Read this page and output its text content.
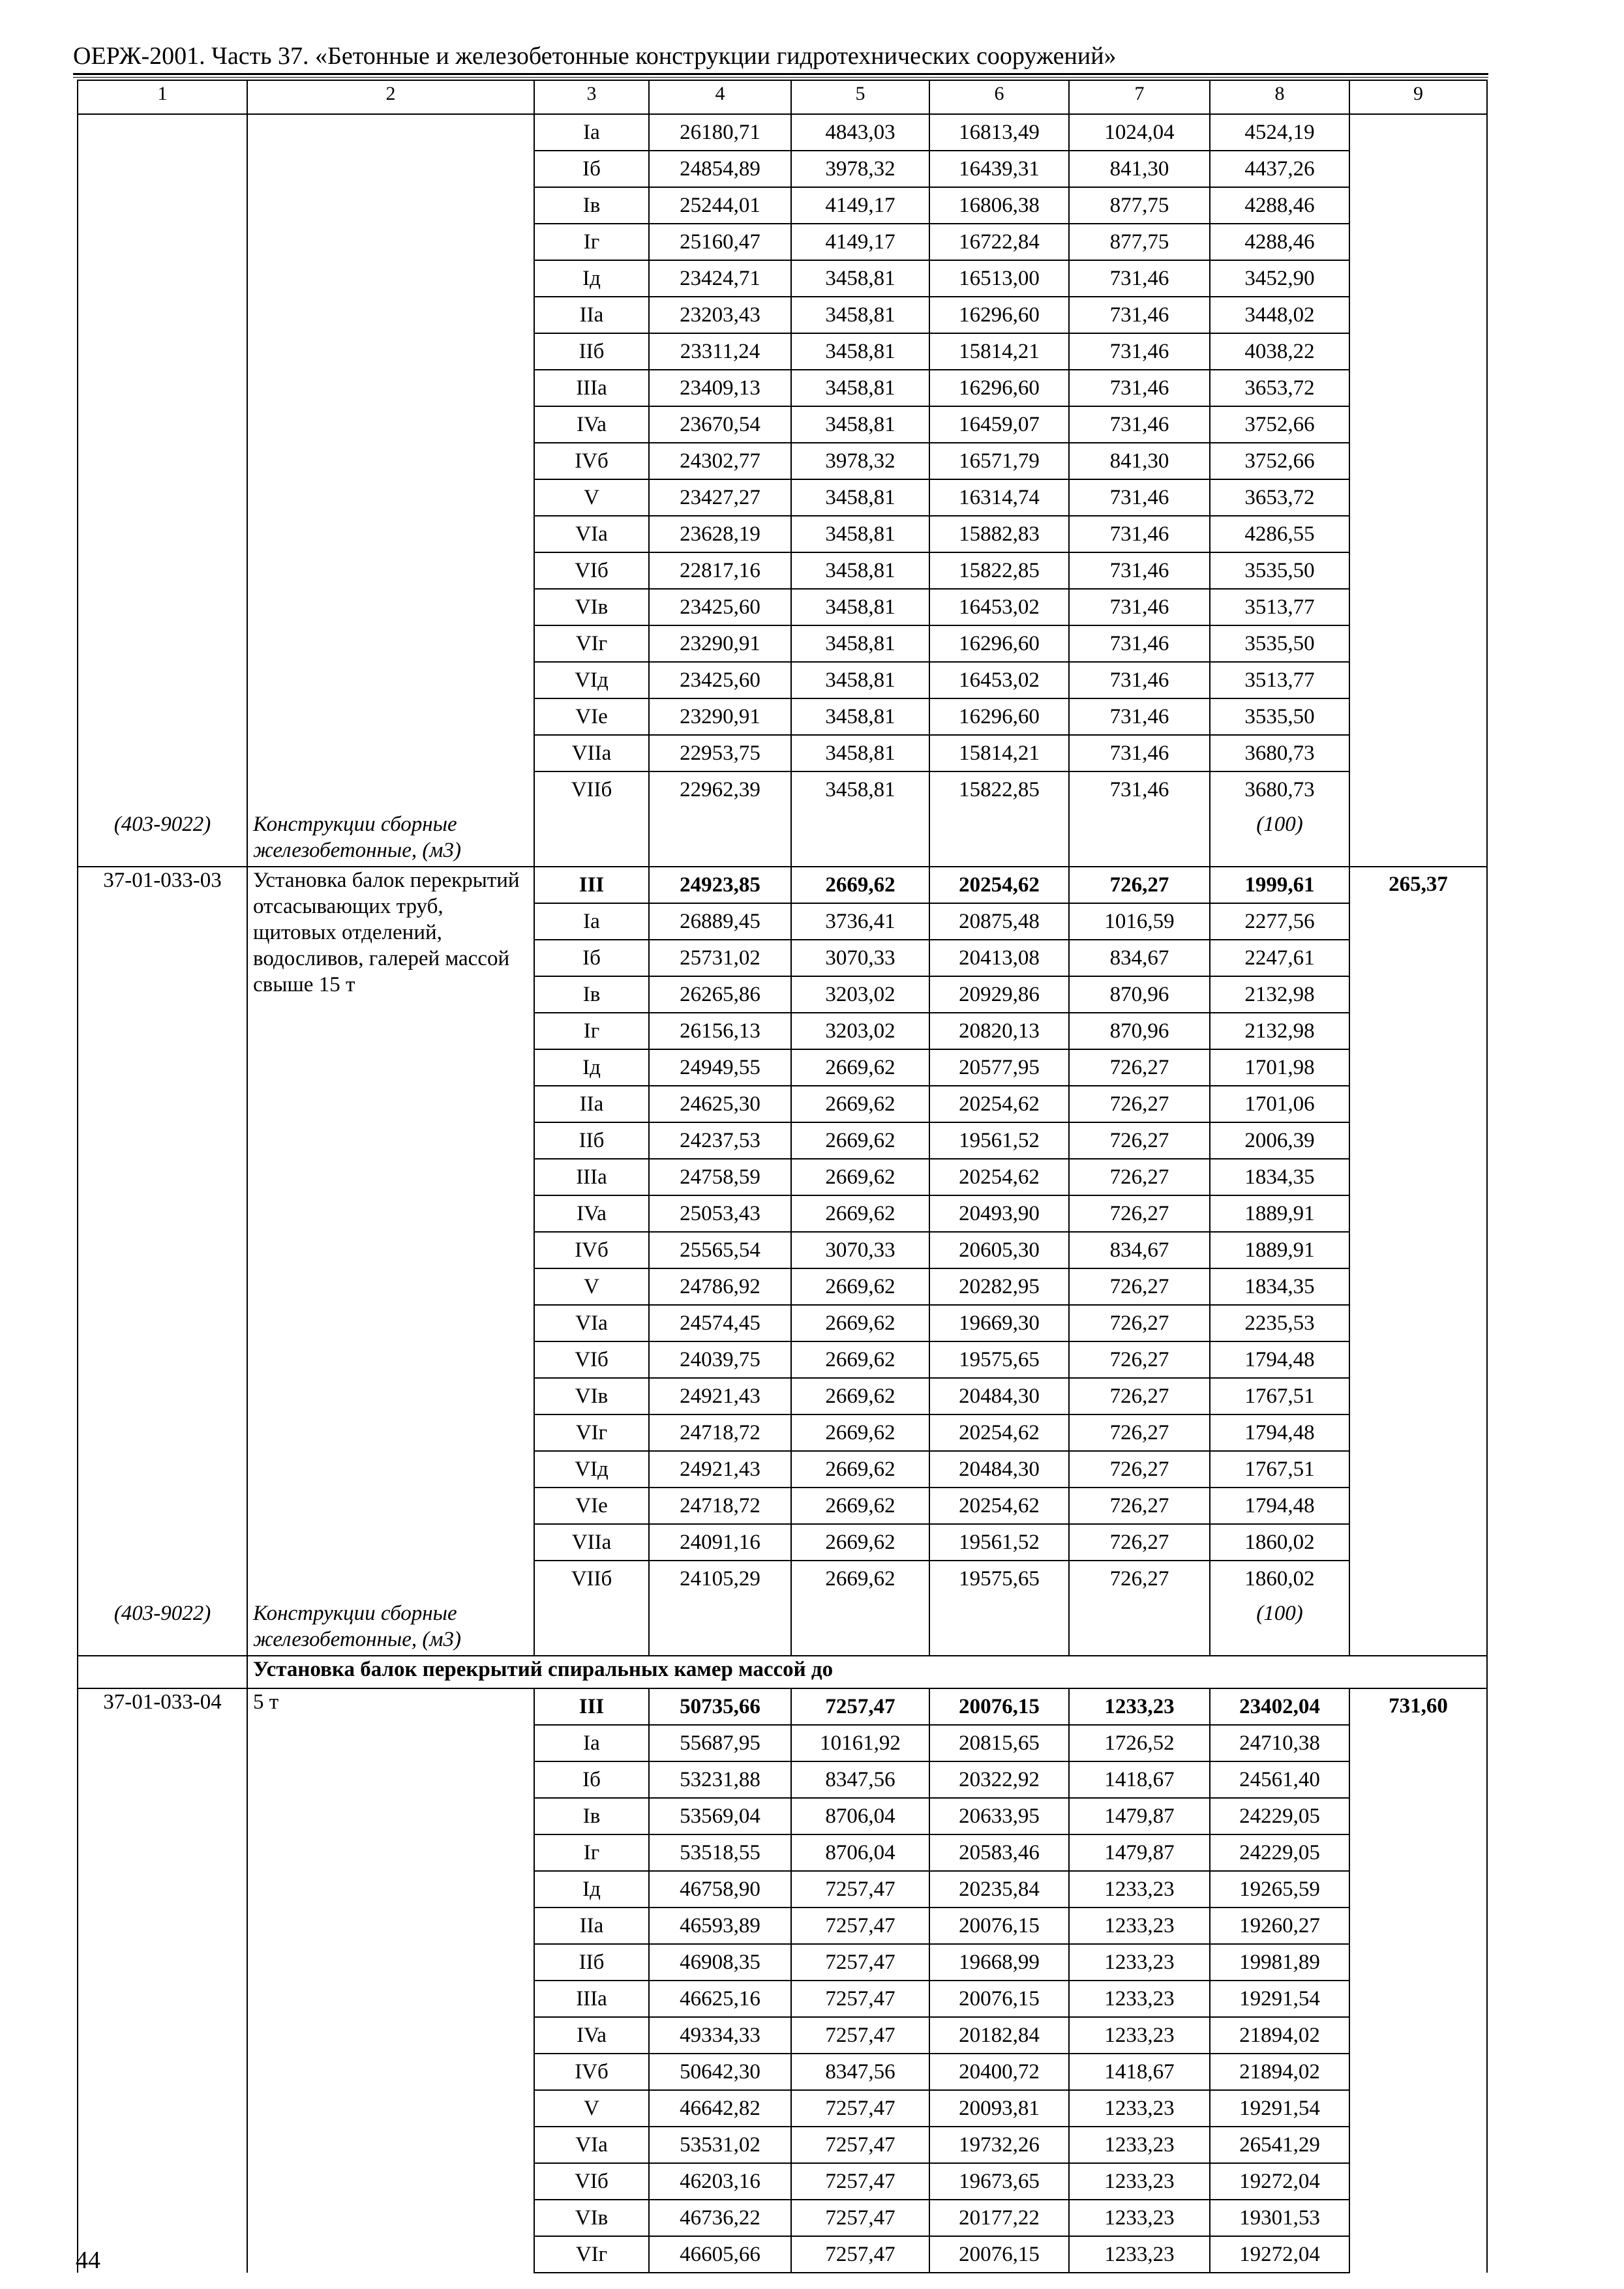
ОЕРЖ-2001. Часть 37. «Бетонные и железобетонные конструкции гидротехнических сооружений»
1	2	3	4	5	6	7	8	9
		Ia	26180,71	4843,03	16813,49	1024,04	4524,19	
		Iб	24854,89	3978,32	16439,31	841,30	4437,26	
		Iв	25244,01	4149,17	16806,38	877,75	4288,46	
		Iг	25160,47	4149,17	16722,84	877,75	4288,46	
		Iд	23424,71	3458,81	16513,00	731,46	3452,90	
		IIa	23203,43	3458,81	16296,60	731,46	3448,02	
		IIб	23311,24	3458,81	15814,21	731,46	4038,22	
		IIIa	23409,13	3458,81	16296,60	731,46	3653,72	
		IVa	23670,54	3458,81	16459,07	731,46	3752,66	
		IVб	24302,77	3978,32	16571,79	841,30	3752,66	
		V	23427,27	3458,81	16314,74	731,46	3653,72	
		VIa	23628,19	3458,81	15882,83	731,46	4286,55	
		VIб	22817,16	3458,81	15822,85	731,46	3535,50	
		VIв	23425,60	3458,81	16453,02	731,46	3513,77	
		VIг	23290,91	3458,81	16296,60	731,46	3535,50	
		VIд	23425,60	3458,81	16453,02	731,46	3513,77	
		VIe	23290,91	3458,81	16296,60	731,46	3535,50	
		VIIa	22953,75	3458,81	15814,21	731,46	3680,73	
		VIIб	22962,39	3458,81	15822,85	731,46	3680,73	
(403-9022)	Конструкции сборные железобетонные, (м3)						(100)	
37-01-033-03	Установка балок перекрытий отсасывающих труб, щитовых отделений, водосливов, галерей массой свыше 15 т	III	24923,85	2669,62	20254,62	726,27	1999,61	265,37
		Ia	26889,45	3736,41	20875,48	1016,59	2277,56	
		Iб	25731,02	3070,33	20413,08	834,67	2247,61	
		Iв	26265,86	3203,02	20929,86	870,96	2132,98	
		Iг	26156,13	3203,02	20820,13	870,96	2132,98	
		Iд	24949,55	2669,62	20577,95	726,27	1701,98	
		IIa	24625,30	2669,62	20254,62	726,27	1701,06	
		IIб	24237,53	2669,62	19561,52	726,27	2006,39	
		IIIa	24758,59	2669,62	20254,62	726,27	1834,35	
		IVa	25053,43	2669,62	20493,90	726,27	1889,91	
		IVб	25565,54	3070,33	20605,30	834,67	1889,91	
		V	24786,92	2669,62	20282,95	726,27	1834,35	
		VIa	24574,45	2669,62	19669,30	726,27	2235,53	
		VIб	24039,75	2669,62	19575,65	726,27	1794,48	
		VIв	24921,43	2669,62	20484,30	726,27	1767,51	
		VIг	24718,72	2669,62	20254,62	726,27	1794,48	
		VIд	24921,43	2669,62	20484,30	726,27	1767,51	
		VIe	24718,72	2669,62	20254,62	726,27	1794,48	
		VIIa	24091,16	2669,62	19561,52	726,27	1860,02	
		VIIб	24105,29	2669,62	19575,65	726,27	1860,02	
(403-9022)	Конструкции сборные железобетонные, (м3)						(100)	
	Установка балок перекрытий спиральных камер массой до							
37-01-033-04	5 т	III	50735,66	7257,47	20076,15	1233,23	23402,04	731,60
		Ia	55687,95	10161,92	20815,65	1726,52	24710,38	
		Iб	53231,88	8347,56	20322,92	1418,67	24561,40	
		Iв	53569,04	8706,04	20633,95	1479,87	24229,05	
		Iг	53518,55	8706,04	20583,46	1479,87	24229,05	
		Iд	46758,90	7257,47	20235,84	1233,23	19265,59	
		IIa	46593,89	7257,47	20076,15	1233,23	19260,27	
		IIб	46908,35	7257,47	19668,99	1233,23	19981,89	
		IIIa	46625,16	7257,47	20076,15	1233,23	19291,54	
		IVa	49334,33	7257,47	20182,84	1233,23	21894,02	
		IVб	50642,30	8347,56	20400,72	1418,67	21894,02	
		V	46642,82	7257,47	20093,81	1233,23	19291,54	
		VIa	53531,02	7257,47	19732,26	1233,23	26541,29	
		VIб	46203,16	7257,47	19673,65	1233,23	19272,04	
		VIв	46736,22	7257,47	20177,22	1233,23	19301,53	
		VIг	46605,66	7257,47	20076,15	1233,23	19272,04	
44
